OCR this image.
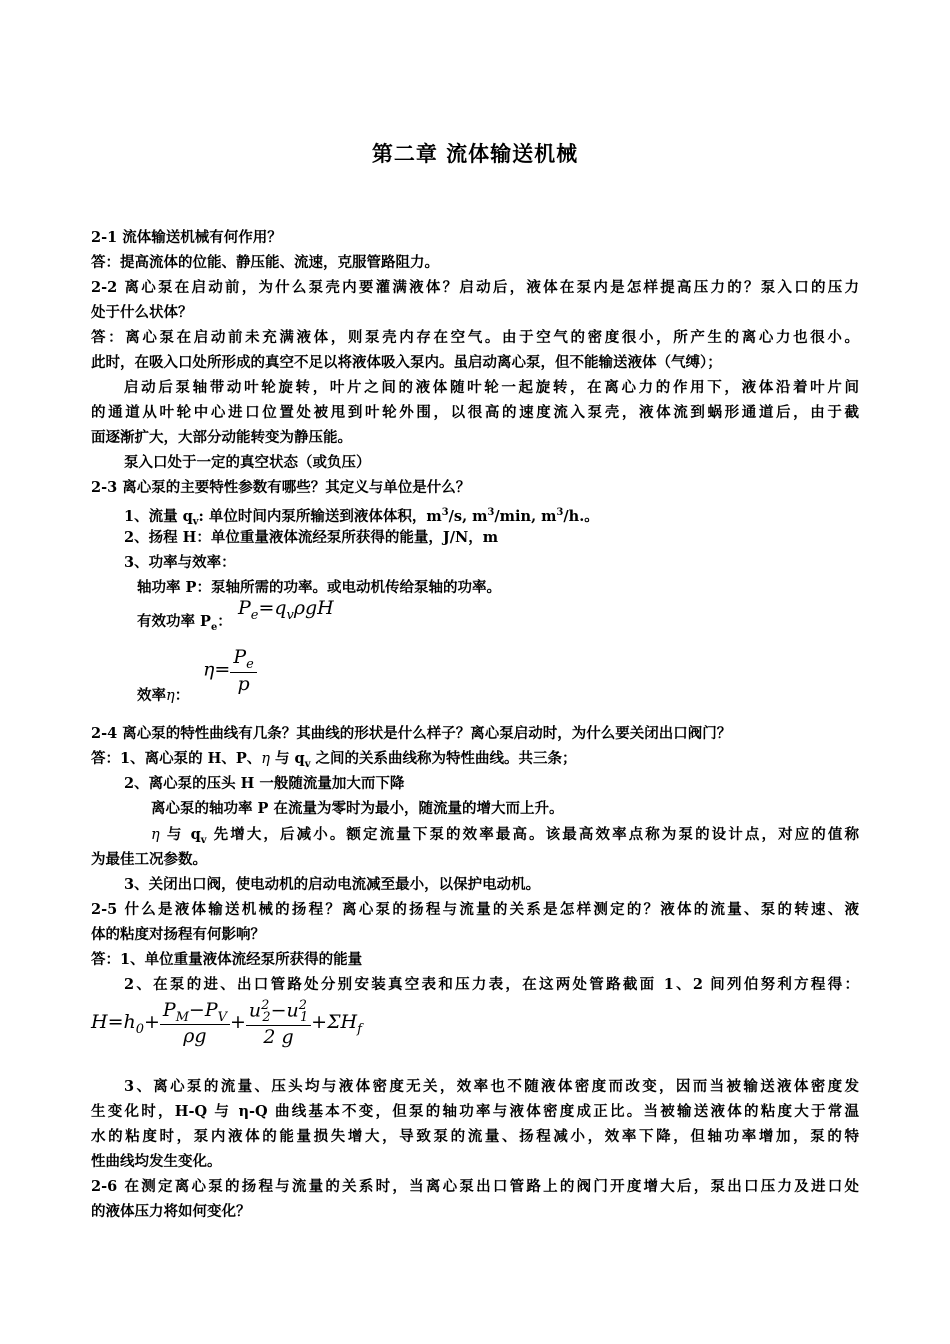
第二章 流体输送机械
2-1 流体输送机械有何作用？
答：提高流体的位能、静压能、流速，克服管路阻力。
2-2 离心泵在启动前，为什么泵壳内要灌满液体？启动后，液体在泵内是怎样提高压力的？泵入口的压力
处于什么状体？
答：离心泵在启动前未充满液体，则泵壳内存在空气。由于空气的密度很小，所产生的离心力也很小。
此时，在吸入口处所形成的真空不足以将液体吸入泵内。虽启动离心泵，但不能输送液体（气缚）；
启动后泵轴带动叶轮旋转，叶片之间的液体随叶轮一起旋转，在离心力的作用下，液体沿着叶片间
的通道从叶轮中心进口位置处被甩到叶轮外围，以很高的速度流入泵壳，液体流到蜗形通道后，由于截
面逐渐扩大，大部分动能转变为静压能。
泵入口处于一定的真空状态（或负压）
2-3 离心泵的主要特性参数有哪些？其定义与单位是什么？
1、流量 $q_v$: 单位时间内泵所输送到液体体积，$m^3/s$, $m^3/\min$, $m^3/h$.。
2、扬程 H：单位重量液体流经泵所获得的能量，J/N，m
3、功率与效率：
轴功率 P：泵轴所需的功率。或电动机传给泵轴的功率。
有效功率 $P_e$：
$P_e=q_v\rho gH$
效率η：
$\eta= \frac{P_e}{p}$
2-4 离心泵的特性曲线有几条？其曲线的形状是什么样子？离心泵启动时，为什么要关闭出口阀门？
答：1、离心泵的 H、P、η 与 $q_v$ 之间的关系曲线称为特性曲线。共三条；
2、离心泵的压头 H 一般随流量加大而下降
离心泵的轴功率 P 在流量为零时为最小，随流量的增大而上升。
η 与 $q_v$ 先增大，后减小。额定流量下泵的效率最高。该最高效率点称为泵的设计点，对应的值称
为最佳工况参数。
3、关闭出口阀，使电动机的启动电流减至最小，以保护电动机。
2-5 什么是液体输送机械的扬程？离心泵的扬程与流量的关系是怎样测定的？液体的流量、泵的转速、液
体的粘度对扬程有何影响？
答：1、单位重量液体流经泵所获得的能量
2、在泵的进、出口管路处分别安装真空表和压力表，在这两处管路截面 1、2 间列伯努利方程得：
$H=h_0+ \frac{P_M-P_V}{\rho g} + \frac{u^2_2-u^2_1}{2 g} +\Sigma H_f$
3、离心泵的流量、压头均与液体密度无关，效率也不随液体密度而改变，因而当被输送液体密度发
生变化时，H-Q 与 η-Q 曲线基本不变，但泵的轴功率与液体密度成正比。当被输送液体的粘度大于常温
水的粘度时，泵内液体的能量损失增大，导致泵的流量、扬程减小，效率下降，但轴功率增加，泵的特
性曲线均发生变化。
2-6 在测定离心泵的扬程与流量的关系时，当离心泵出口管路上的阀门开度增大后，泵出口压力及进口处
的液体压力将如何变化？
